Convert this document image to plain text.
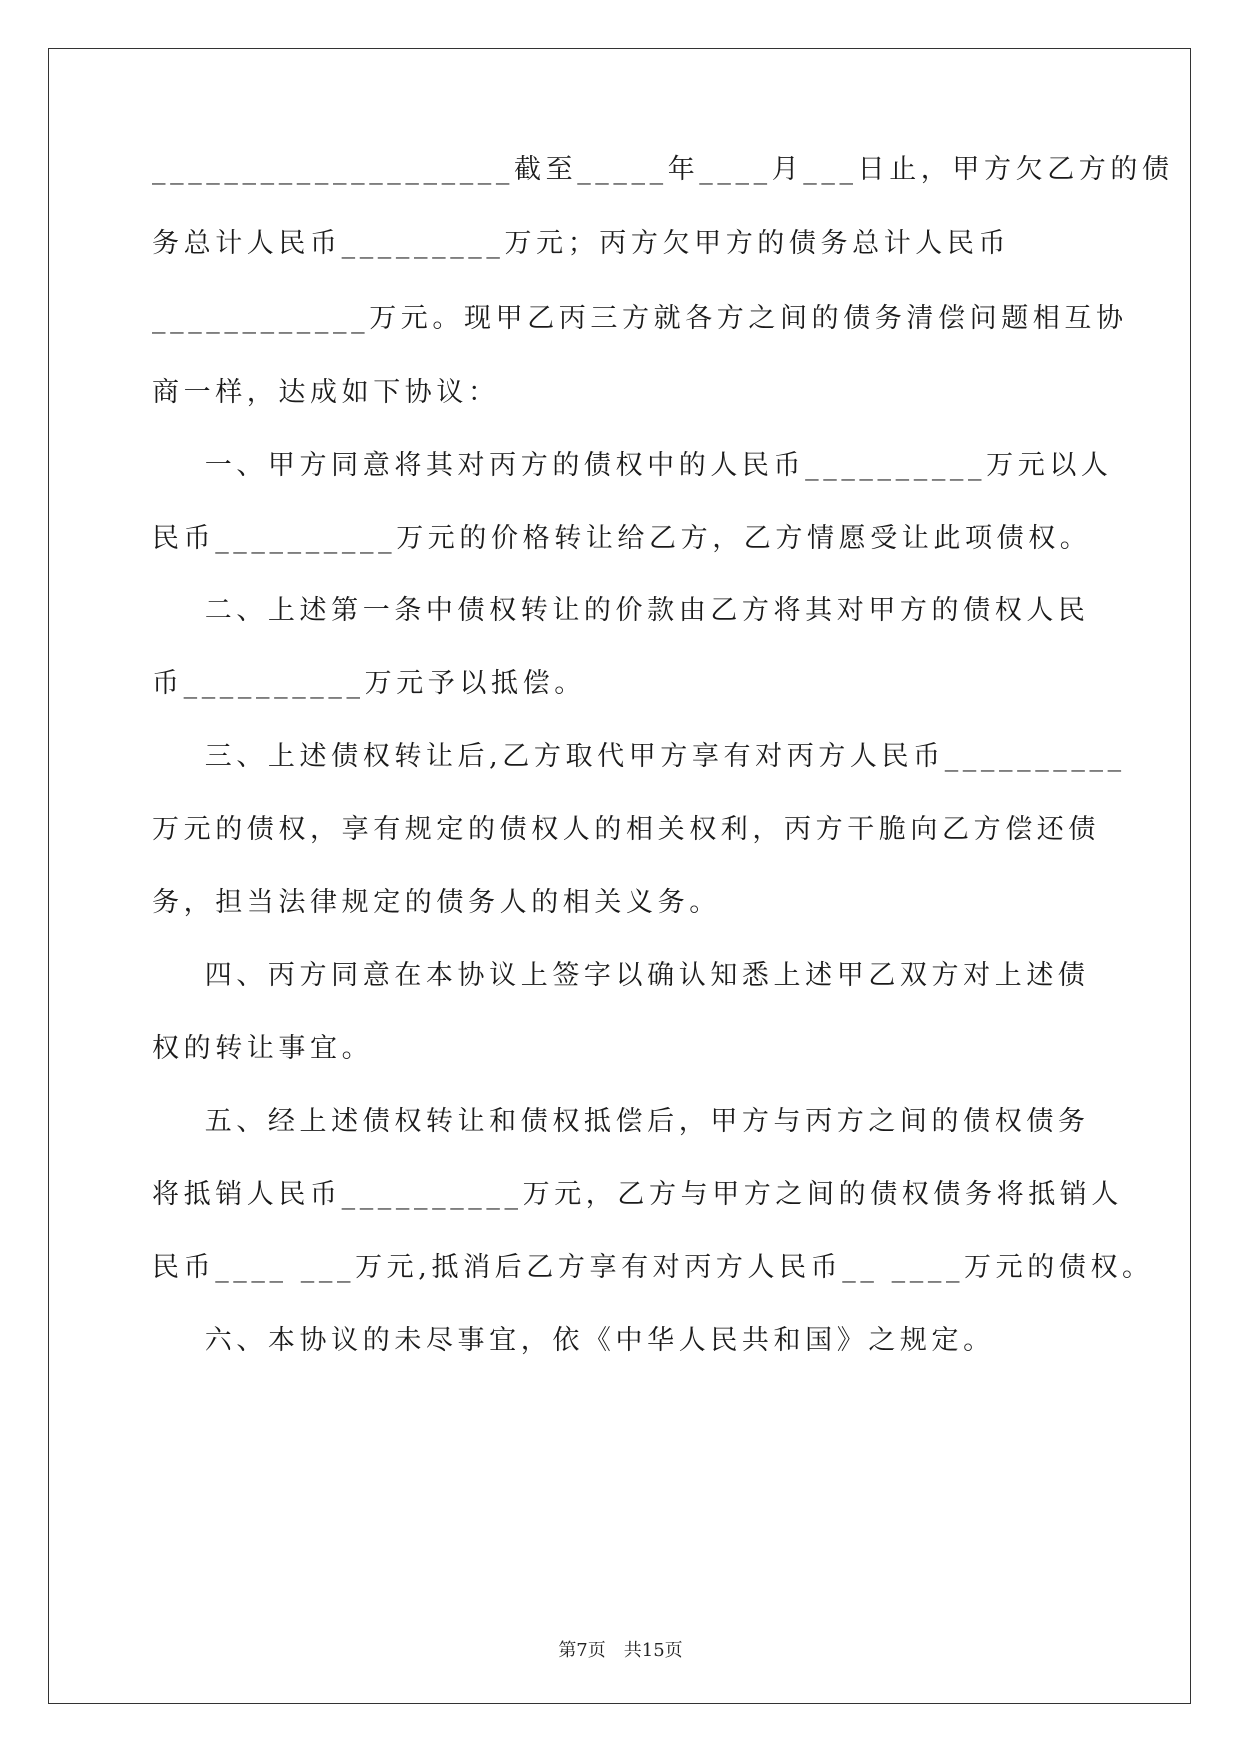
____________________截至_____年____月___日止，甲方欠乙方的债
务总计人民币_________万元；丙方欠甲方的债务总计人民币
____________万元。现甲乙丙三方就各方之间的债务清偿问题相互协
商一样，达成如下协议：
一、甲方同意将其对丙方的债权中的人民币__________万元以人
民币__________万元的价格转让给乙方，乙方情愿受让此项债权。
二、上述第一条中债权转让的价款由乙方将其对甲方的债权人民
币__________万元予以抵偿。
三、上述债权转让后,乙方取代甲方享有对丙方人民币__________
万元的债权，享有规定的债权人的相关权利，丙方干脆向乙方偿还债
务，担当法律规定的债务人的相关义务。
四、丙方同意在本协议上签字以确认知悉上述甲乙双方对上述债
权的转让事宜。
五、经上述债权转让和债权抵偿后，甲方与丙方之间的债权债务
将抵销人民币__________万元，乙方与甲方之间的债权债务将抵销人
民币____ ___万元,抵消后乙方享有对丙方人民币__ ____万元的债权。
六、本协议的未尽事宜，依《中华人民共和国》之规定。
第7页　共15页
